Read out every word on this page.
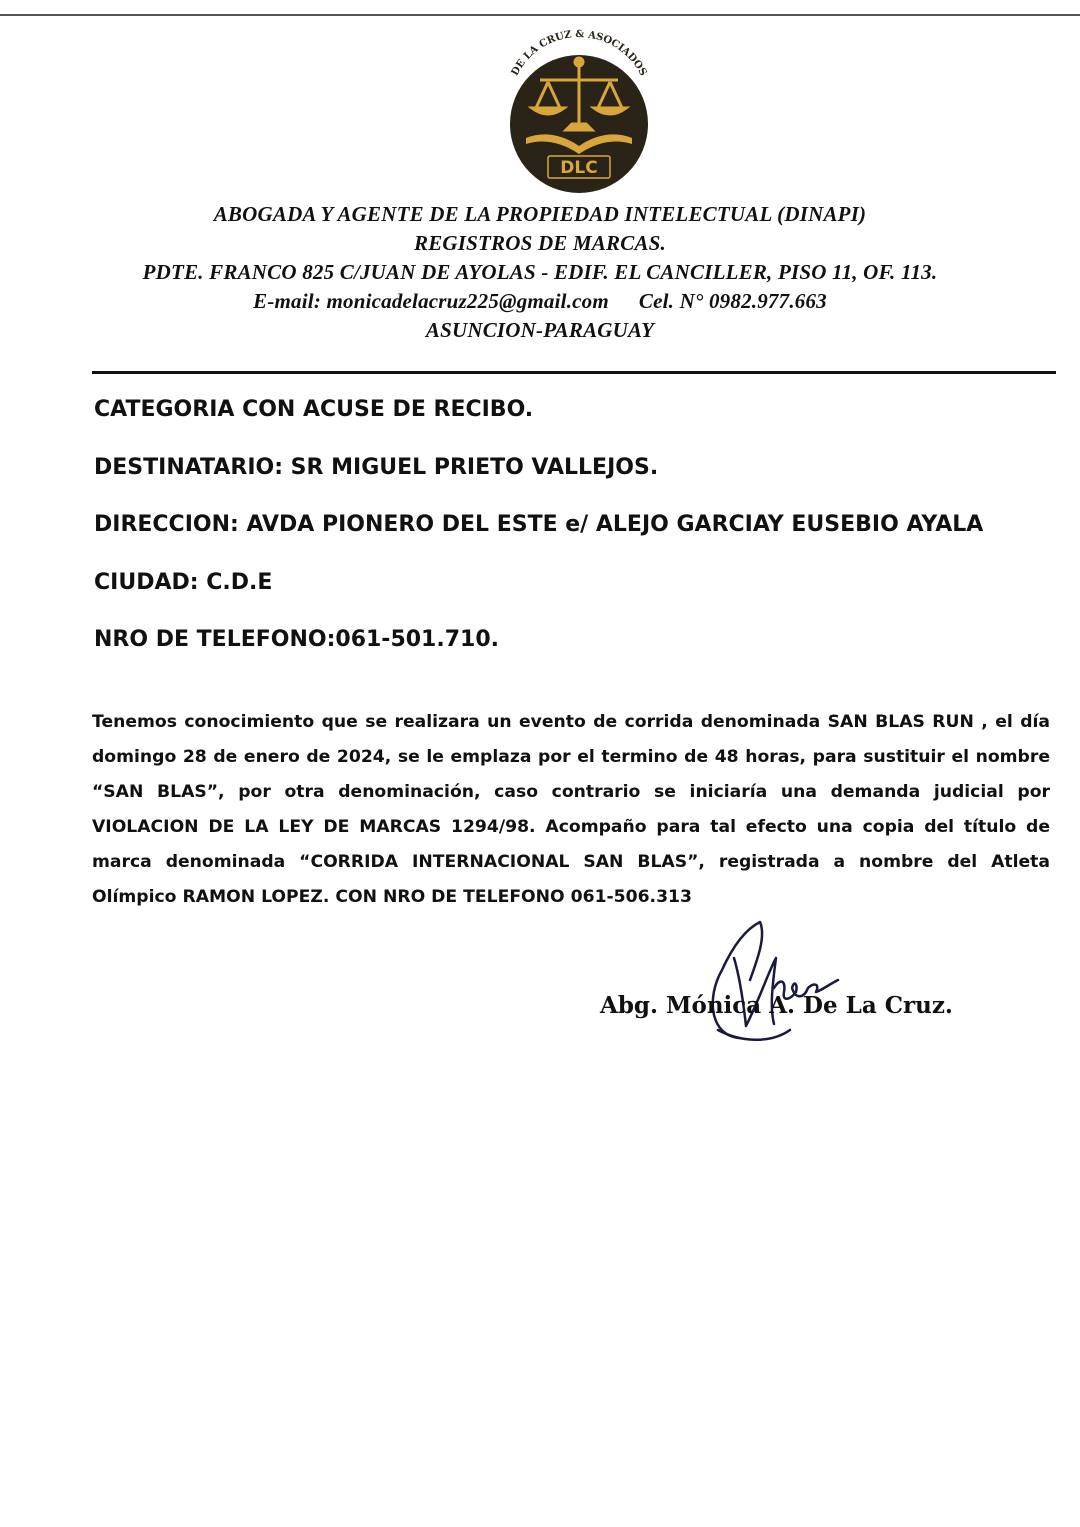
DE LA CRUZ & ASOCIADOS
DLC
ABOGADA Y AGENTE DE LA PROPIEDAD INTELECTUAL (DINAPI)
REGISTROS DE MARCAS.
PDTE. FRANCO 825 C/JUAN DE AYOLAS - EDIF. EL CANCILLER, PISO 11, OF. 113.
E-mail: monicadelacruz225@gmail.com Cel. N° 0982.977.663
ASUNCION-PARAGUAY
CATEGORIA CON ACUSE DE RECIBO.
DESTINATARIO: SR MIGUEL PRIETO VALLEJOS.
DIRECCION: AVDA PIONERO DEL ESTE e/ ALEJO GARCIAY EUSEBIO AYALA
CIUDAD: C.D.E
NRO DE TELEFONO:061-501.710.
Tenemos conocimiento que se realizara un evento de corrida denominada SAN BLAS RUN , el día domingo 28 de enero de 2024, se le emplaza por el termino de 48 horas, para sustituir el nombre “SAN BLAS”, por otra denominación, caso contrario se iniciaría una demanda judicial por VIOLACION DE LA LEY DE MARCAS 1294/98. Acompaño para tal efecto una copia del título de marca denominada “CORRIDA INTERNACIONAL SAN BLAS”, registrada a nombre del Atleta Olímpico RAMON LOPEZ. CON NRO DE TELEFONO 061-506.313
Abg. Mónica A. De La Cruz.
